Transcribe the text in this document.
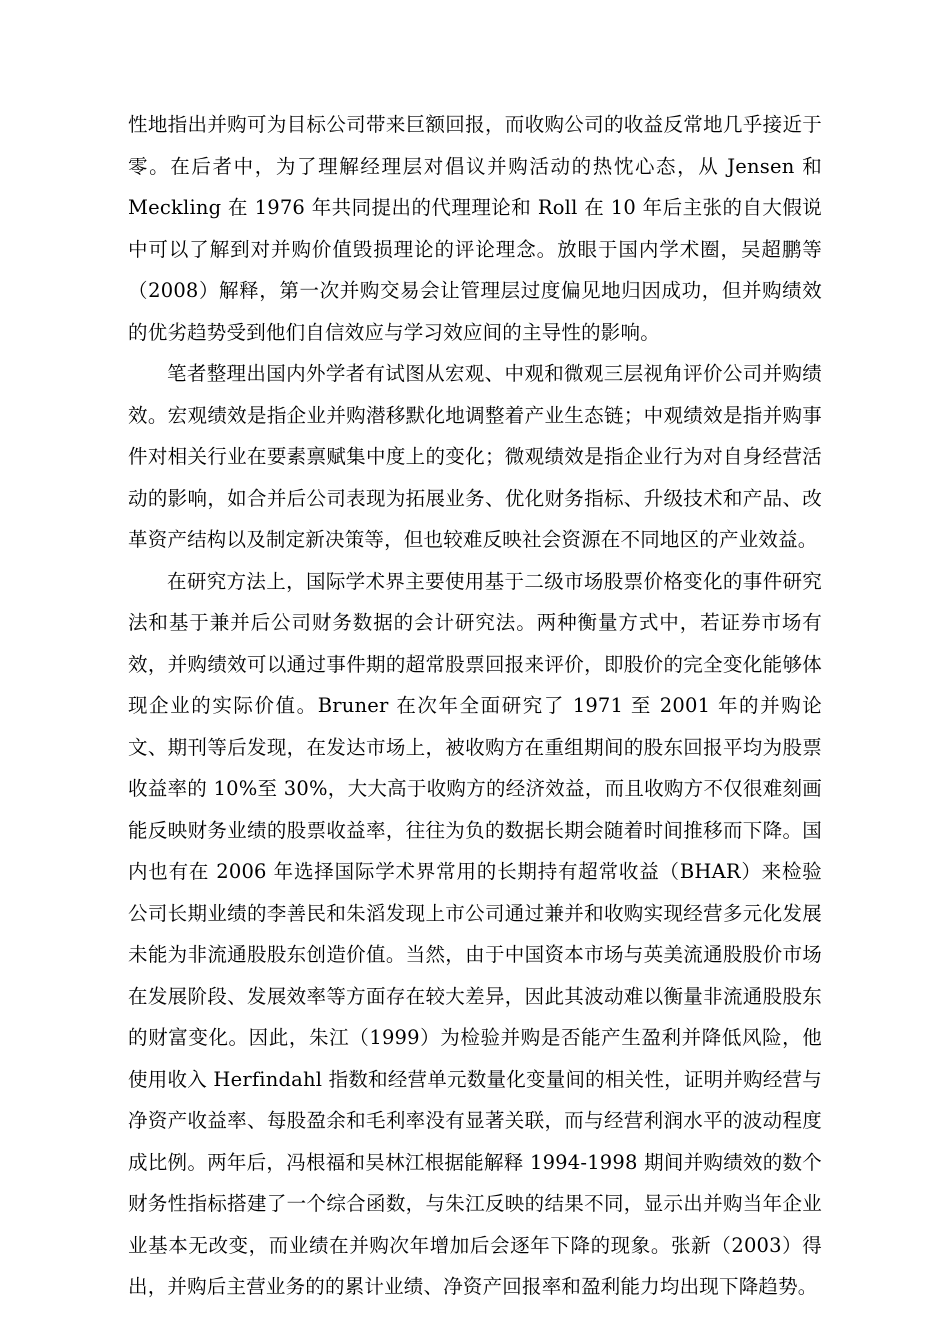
性地指出并购可为目标公司带来巨额回报，而收购公司的收益反常地几乎接近于零。在后者中，为了理解经理层对倡议并购活动的热忱心态，从 Jensen 和 Meckling 在 1976 年共同提出的代理理论和 Roll 在 10 年后主张的自大假说中可以了解到对并购价值毁损理论的评论理念。放眼于国内学术圈，吴超鹏等（2008）解释，第一次并购交易会让管理层过度偏见地归因成功，但并购绩效的优劣趋势受到他们自信效应与学习效应间的主导性的影响。

笔者整理出国内外学者有试图从宏观、中观和微观三层视角评价公司并购绩效。宏观绩效是指企业并购潜移默化地调整着产业生态链；中观绩效是指并购事件对相关行业在要素禀赋集中度上的变化；微观绩效是指企业行为对自身经营活动的影响，如合并后公司表现为拓展业务、优化财务指标、升级技术和产品、改革资产结构以及制定新决策等，但也较难反映社会资源在不同地区的产业效益。

在研究方法上，国际学术界主要使用基于二级市场股票价格变化的事件研究法和基于兼并后公司财务数据的会计研究法。两种衡量方式中，若证券市场有效，并购绩效可以通过事件期的超常股票回报来评价，即股价的完全变化能够体现企业的实际价值。Bruner 在次年全面研究了 1971 至 2001 年的并购论文、期刊等后发现，在发达市场上，被收购方在重组期间的股东回报平均为股票收益率的 10%至 30%，大大高于收购方的经济效益，而且收购方不仅很难刻画能反映财务业绩的股票收益率，往往为负的数据长期会随着时间推移而下降。国内也有在 2006 年选择国际学术界常用的长期持有超常收益（BHAR）来检验公司长期业绩的李善民和朱滔发现上市公司通过兼并和收购实现经营多元化发展未能为非流通股股东创造价值。当然，由于中国资本市场与英美流通股股价市场在发展阶段、发展效率等方面存在较大差异，因此其波动难以衡量非流通股股东的财富变化。因此，朱江（1999）为检验并购是否能产生盈利并降低风险，他使用收入 Herfindahl 指数和经营单元数量化变量间的相关性，证明并购经营与净资产收益率、每股盈余和毛利率没有显著关联，而与经营利润水平的波动程度成比例。两年后，冯根福和吴林江根据能解释 1994-1998 期间并购绩效的数个财务性指标搭建了一个综合函数，与朱江反映的结果不同，显示出并购当年企业业基本无改变，而业绩在并购次年增加后会逐年下降的现象。张新（2003）得出，并购后主营业务的的累计业绩、净资产回报率和盈利能力均出现下降趋势。
